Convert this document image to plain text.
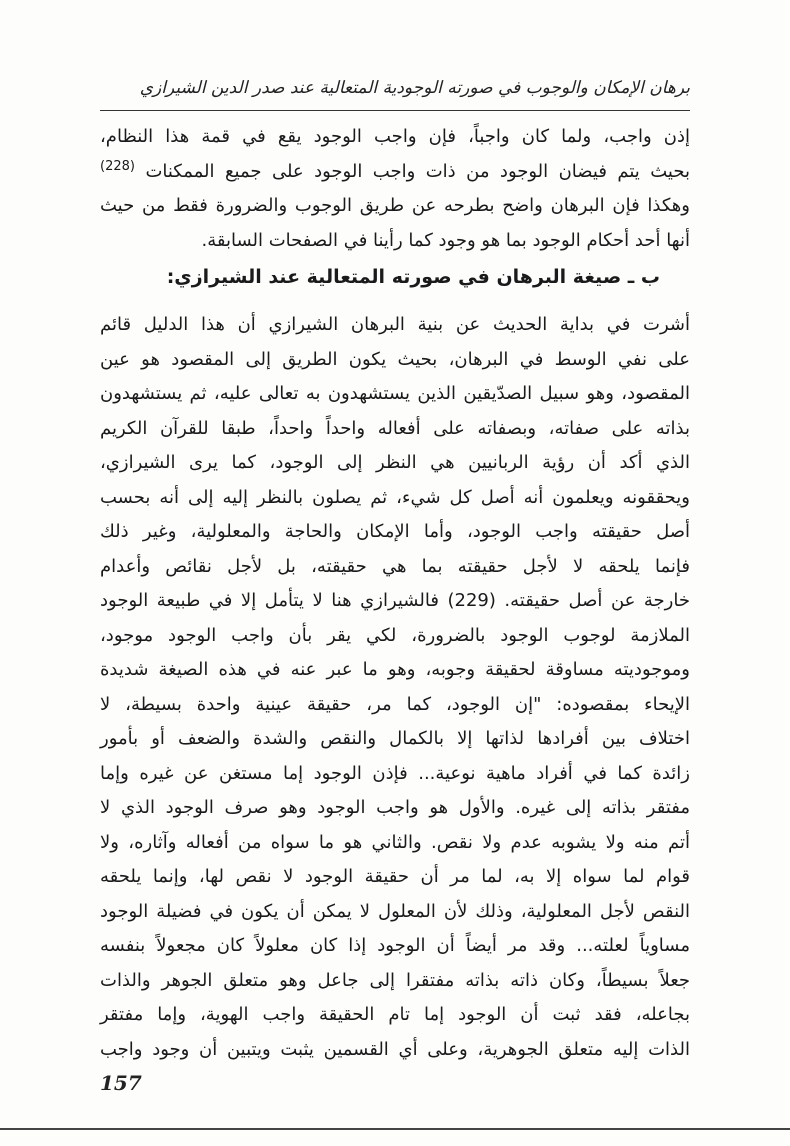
برهان الإمكان والوجوب في صورته الوجودية المتعالية عند صدر الدين الشيرازي
إذن واجب، ولما كان واجباً، فإن واجب الوجود يقع في قمة هذا النظام،
بحيث يتم فيضان الوجود من ذات واجب الوجود على جميع الممكنات $^{(228)}$
وهكذا فإن البرهان واضح بطرحه عن طريق الوجوب والضرورة فقط من حيث
أنها أحد أحكام الوجود بما هو وجود كما رأينا في الصفحات السابقة.
ب ـ صيغة البرهان في صورته المتعالية عند الشيرازي:
أشرت في بداية الحديث عن بنية البرهان الشيرازي أن هذا الدليل قائم
على نفي الوسط في البرهان، بحيث يكون الطريق إلى المقصود هو عين
المقصود، وهو سبيل الصدّيقين الذين يستشهدون به تعالى عليه، ثم يستشهدون
بذاته على صفاته، وبصفاته على أفعاله واحداً واحداً، طبقا للقرآن الكريم
الذي أكد أن رؤية الربانيين هي النظر إلى الوجود، كما يرى الشيرازي،
ويحققونه ويعلمون أنه أصل كل شيء، ثم يصلون بالنظر إليه إلى أنه بحسب
أصل حقيقته واجب الوجود، وأما الإمكان والحاجة والمعلولية، وغير ذلك
فإنما يلحقه لا لأجل حقيقته بما هي حقيقته، بل لأجل نقائص وأعدام
خارجة عن أصل حقيقته. (229) فالشيرازي هنا لا يتأمل إلا في طبيعة الوجود
الملازمة لوجوب الوجود بالضرورة، لكي يقر بأن واجب الوجود موجود،
وموجوديته مساوقة لحقيقة وجوبه، وهو ما عبر عنه في هذه الصيغة شديدة
الإيحاء بمقصوده: "إن الوجود، كما مر، حقيقة عينية واحدة بسيطة، لا
اختلاف بين أفرادها لذاتها إلا بالكمال والنقص والشدة والضعف أو بأمور
زائدة كما في أفراد ماهية نوعية... فإذن الوجود إما مستغن عن غيره وإما
مفتقر بذاته إلى غيره. والأول هو واجب الوجود وهو صرف الوجود الذي لا
أتم منه ولا يشوبه عدم ولا نقص. والثاني هو ما سواه من أفعاله وآثاره، ولا
قوام لما سواه إلا به، لما مر أن حقيقة الوجود لا نقص لها، وإنما يلحقه
النقص لأجل المعلولية، وذلك لأن المعلول لا يمكن أن يكون في فضيلة الوجود
مساوياً لعلته... وقد مر أيضاً أن الوجود إذا كان معلولاً كان مجعولاً بنفسه
جعلاً بسيطاً، وكان ذاته بذاته مفتقرا إلى جاعل وهو متعلق الجوهر والذات
بجاعله، فقد ثبت أن الوجود إما تام الحقيقة واجب الهوية، وإما مفتقر
الذات إليه متعلق الجوهرية، وعلى أي القسمين يثبت ويتبين أن وجود واجب
157
